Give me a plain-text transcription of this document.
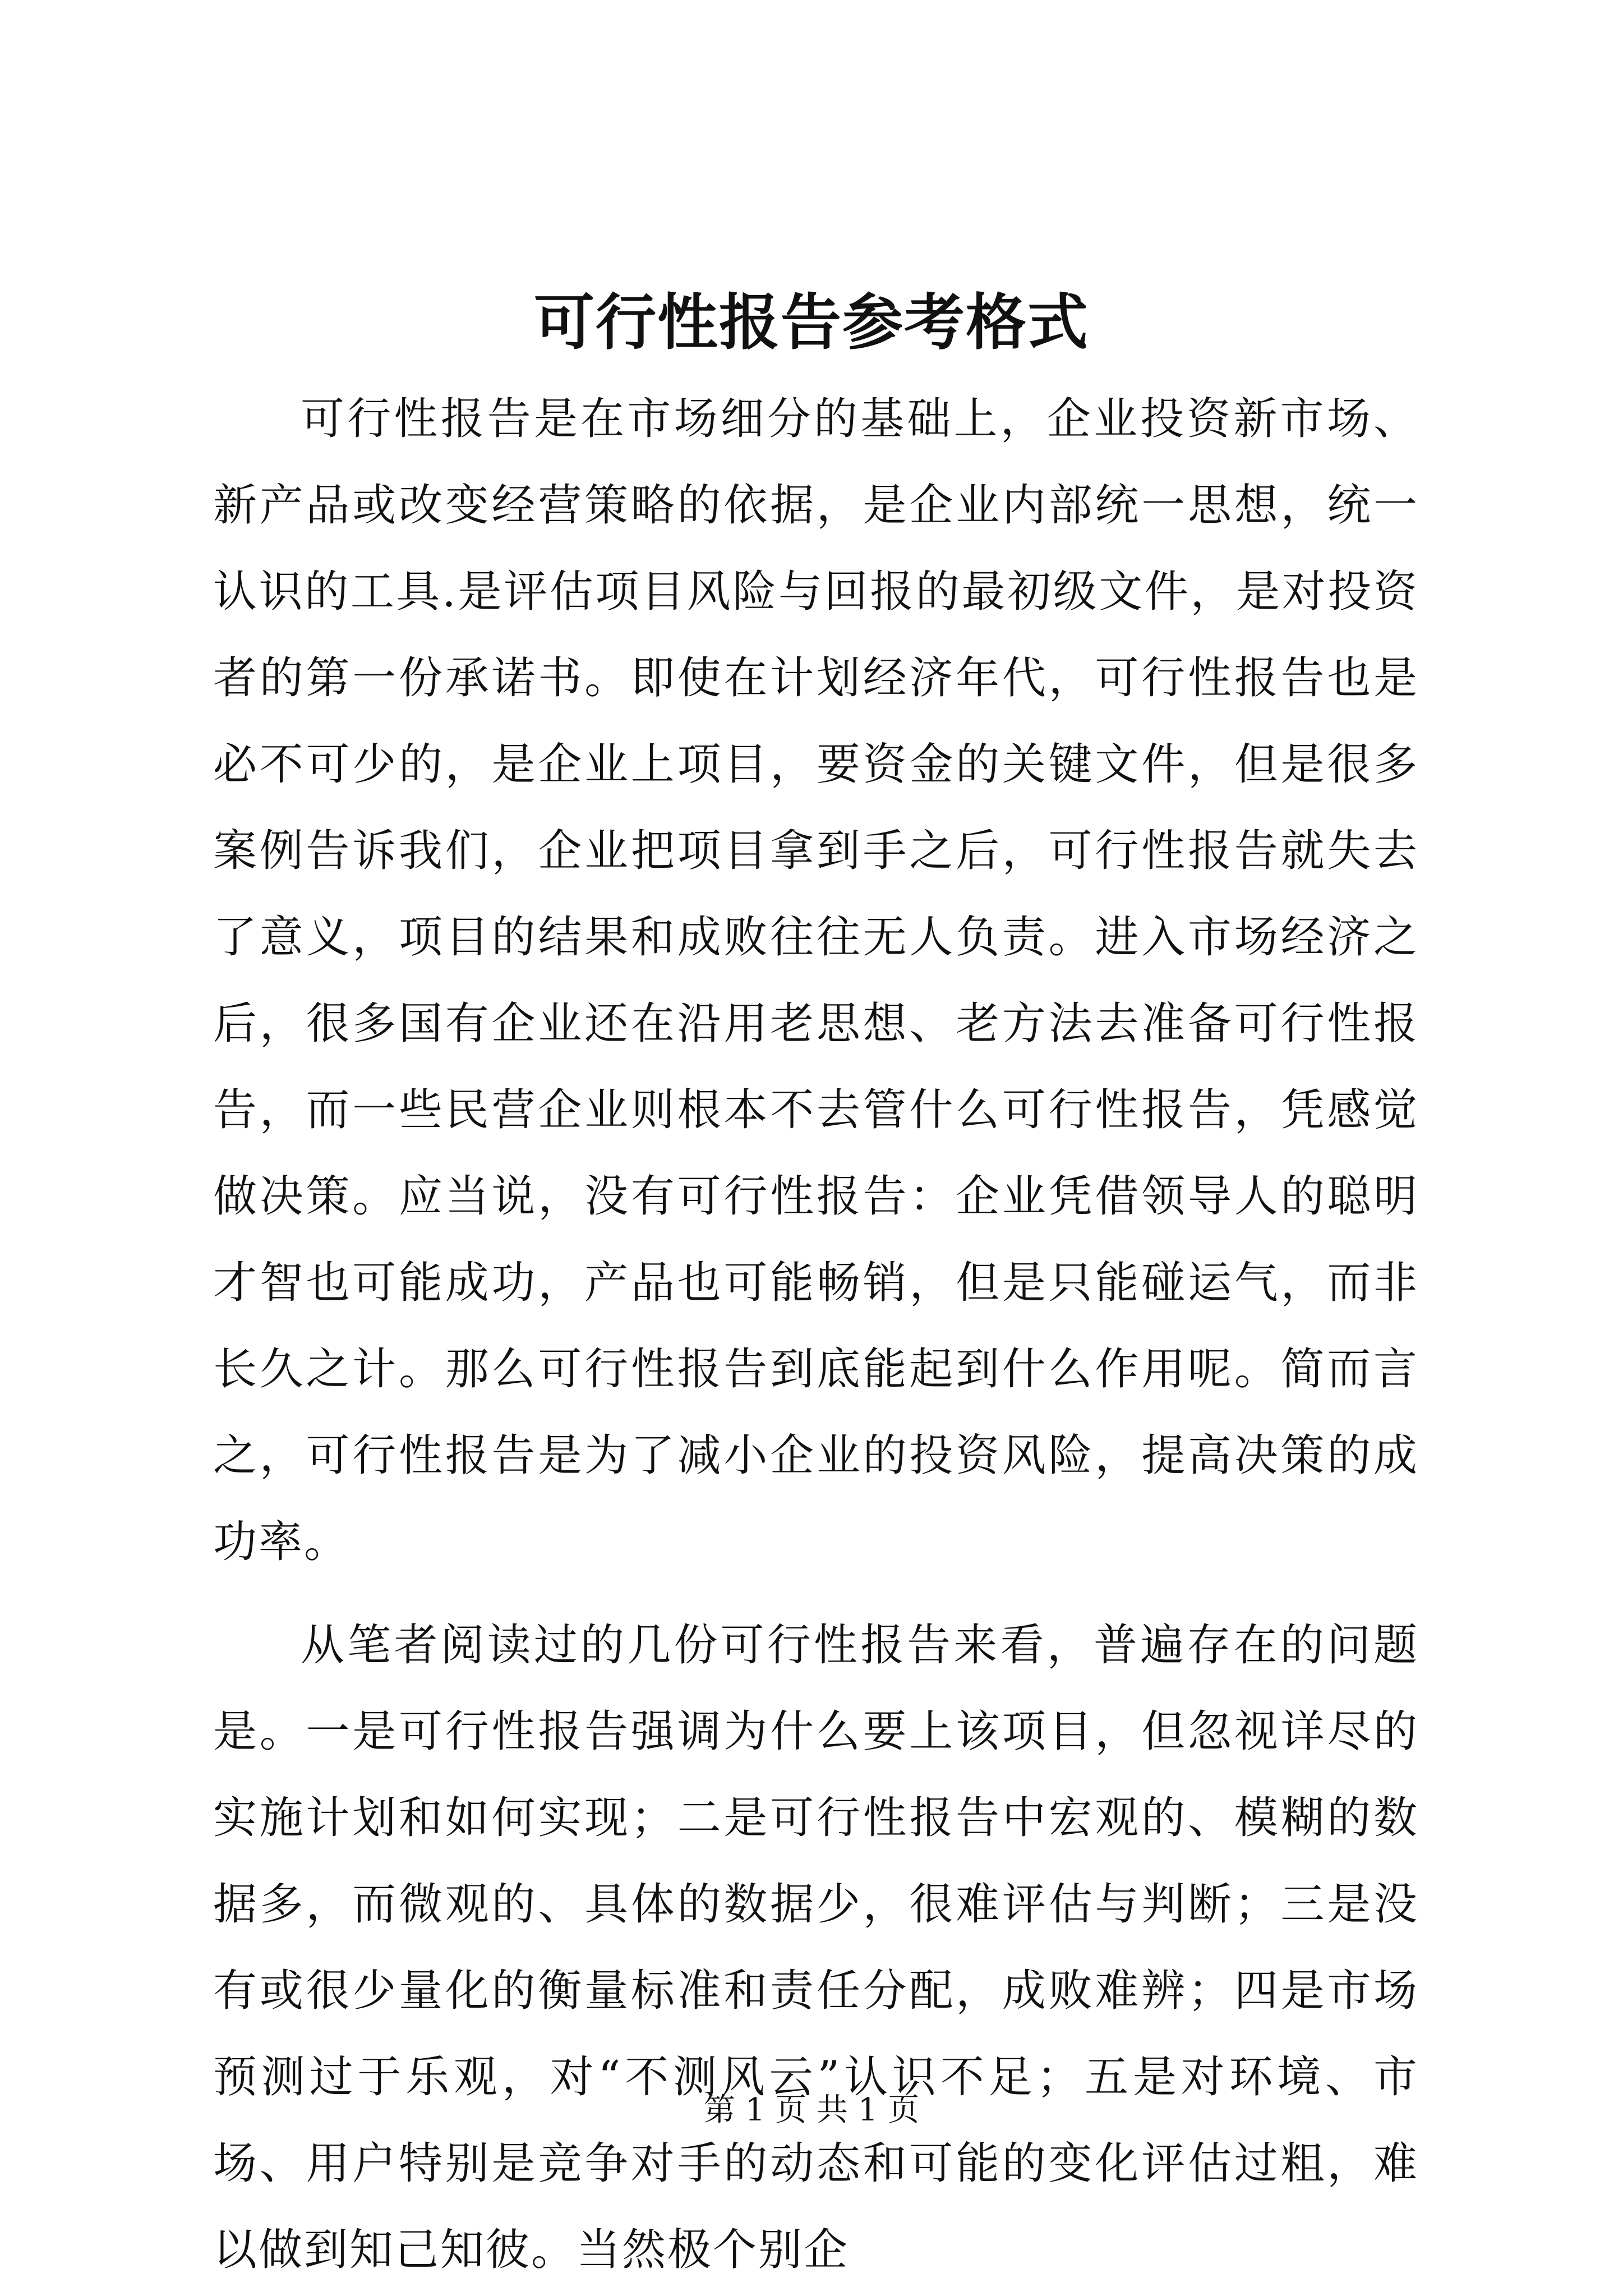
可行性报告参考格式

可行性报告是在市场细分的基础上，企业投资新市场、新产品或改变经营策略的依据，是企业内部统一思想，统一认识的工具.是评估项目风险与回报的最初级文件，是对投资者的第一份承诺书。即使在计划经济年代，可行性报告也是必不可少的，是企业上项目，要资金的关键文件，但是很多案例告诉我们，企业把项目拿到手之后，可行性报告就失去了意义，项目的结果和成败往往无人负责。进入市场经济之后，很多国有企业还在沿用老思想、老方法去准备可行性报告，而一些民营企业则根本不去管什么可行性报告，凭感觉做决策。应当说，没有可行性报告：企业凭借领导人的聪明才智也可能成功，产品也可能畅销，但是只能碰运气，而非长久之计。那么可行性报告到底能起到什么作用呢。简而言之，可行性报告是为了减小企业的投资风险，提高决策的成功率。

从笔者阅读过的几份可行性报告来看，普遍存在的问题是。一是可行性报告强调为什么要上该项目，但忽视详尽的实施计划和如何实现；二是可行性报告中宏观的、模糊的数据多，而微观的、具体的数据少，很难评估与判断；三是没有或很少量化的衡量标准和责任分配，成败难辨；四是市场预测过于乐观，对“不测风云”认识不足；五是对环境、市场、用户特别是竞争对手的动态和可能的变化评估过粗，难以做到知己知彼。当然极个别企

第 1 页 共 1 页
